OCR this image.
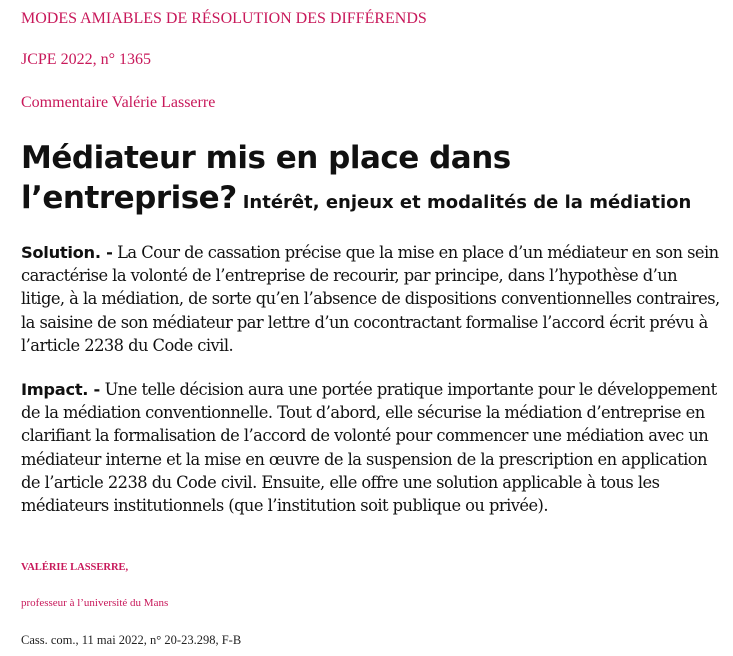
MODES AMIABLES DE RÉSOLUTION DES DIFFÉRENDS
JCPE 2022, n° 1365
Commentaire Valérie Lasserre
Médiateur mis en place dans l’entreprise? Intérêt, enjeux et modalités de la médiation

Solution. - La Cour de cassation précise que la mise en place d’un médiateur en son sein caractérise la volonté de l’entreprise de recourir, par principe, dans l’hypothèse d’un litige, à la médiation, de sorte qu’en l’absence de dispositions conventionnelles contraires, la saisine de son médiateur par lettre d’un cocontractant formalise l’accord écrit prévu à l’article 2238 du Code civil.

Impact. - Une telle décision aura une portée pratique importante pour le développement de la médiation conventionnelle. Tout d’abord, elle sécurise la médiation d’entreprise en clarifiant la formalisation de l’accord de volonté pour commencer une médiation avec un médiateur interne et la mise en œuvre de la suspension de la prescription en application de l’article 2238 du Code civil. Ensuite, elle offre une solution applicable à tous les médiateurs institutionnels (que l’institution soit publique ou privée).

VALÉRIE LASSERRE,
professeur à l’université du Mans
Cass. com., 11 mai 2022, n° 20-23.298, F-B
